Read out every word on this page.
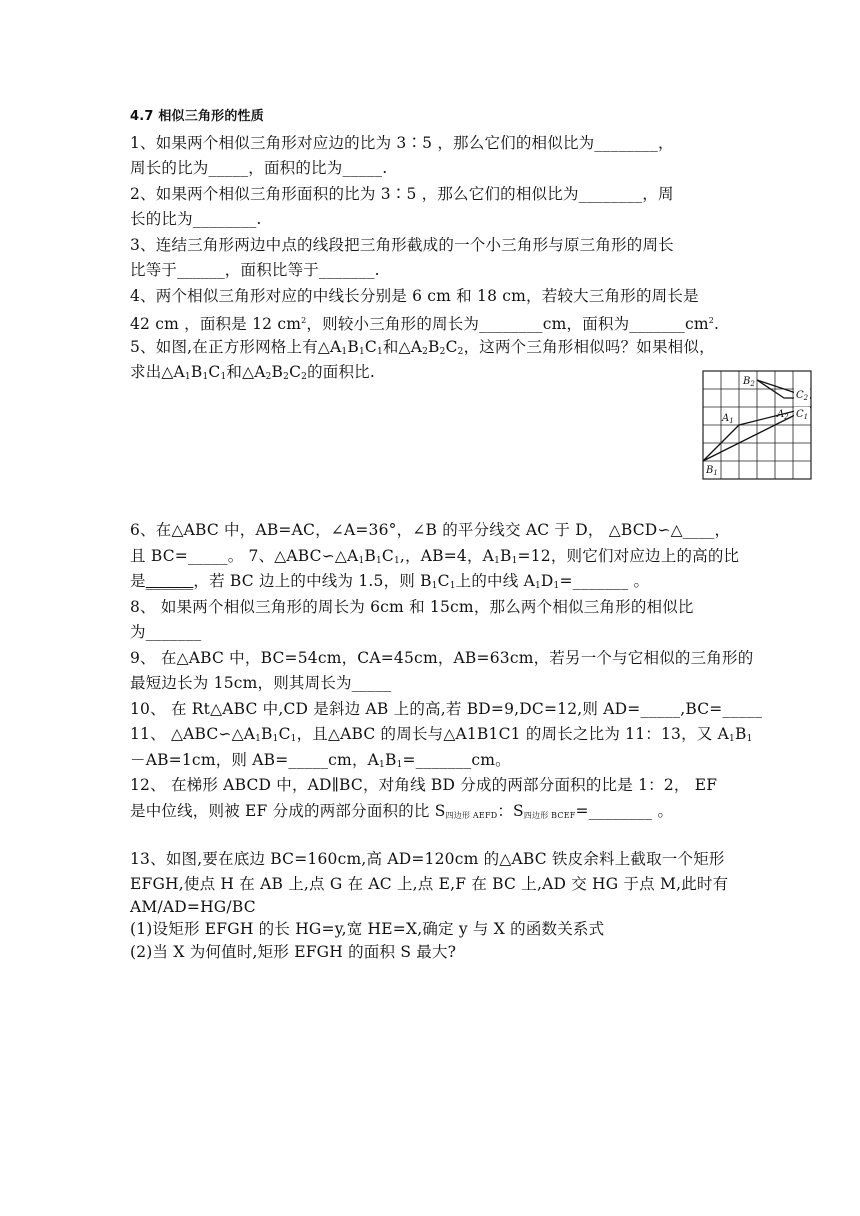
4.7 相似三角形的性质
1、如果两个相似三角形对应边的比为 3∶5 ，那么它们的相似比为________，
周长的比为_____，面积的比为_____.
2、如果两个相似三角形面积的比为 3∶5 ，那么它们的相似比为________，周
长的比为________.
3、连结三角形两边中点的线段把三角形截成的一个小三角形与原三角形的周长
比等于______，面积比等于_______.
4、两个相似三角形对应的中线长分别是 6 cm 和 18 cm，若较大三角形的周长是
42 cm ，面积是 12 $cm^2$，则较小三角形的周长为________cm，面积为$\_\_\_\_\_\_\_cm^2$.
5、如图,在正方形网格上有$\triangle A_1B_1C_1$和$\triangle A_2B_2C_2$，这两个三角形相似吗？如果相似，
求出$\triangle A_1B_1C_1$和$\triangle A_2B_2C_2$的面积比.
$B_2$
$C_2$
$A_1$
$A_2$ $C_1$
$B_1$
6、在△ABC 中，AB=AC，∠A=36°，∠B 的平分线交 AC 于 D， △BCD∽△____，
且 BC=_____。 7、$\triangle ABC∽\triangle A_1B_1C_1$,，AB=4，$A_1B_1=12$，则它们对应边上的高的比
是______，若 BC 边上的中线为 1.5，则 $B_1C_1$上的中线 $A_1D_1=\_\_\_\_\_\_\_$ 。
8、 如果两个相似三角形的周长为 6cm 和 15cm，那么两个相似三角形的相似比
为_______
9、 在△ABC 中，BC=54cm，CA=45cm，AB=63cm，若另一个与它相似的三角形的
最短边长为 15cm，则其周长为_____
10、 在 Rt△ABC 中,CD 是斜边 AB 上的高,若 BD=9,DC=12,则 AD=_____,BC=_____
11、 $\triangle ABC∽\triangle A_1B_1C_1$，且△ABC 的周长与△A1B1C1 的周长之比为 11：13，又 $A_1B_1$
－AB=1cm，则 AB=_____cm，$A_1B_1=\_\_\_\_\_\_\_cm$。
12、 在梯形 ABCD 中，AD∥BC，对角线 BD 分成的两部分面积的比是 1：2， EF
是中位线，则被 EF 分成的两部分面积的比 $S_{四边形 AEFD}$：$S_{四边形 BCEF}=\_\_\_\_\_\_\_\_$ 。
13、如图,要在底边 BC=160cm,高 AD=120cm 的△ABC 铁皮余料上截取一个矩形
EFGH,使点 H 在 AB 上,点 G 在 AC 上,点 E,F 在 BC 上,AD 交 HG 于点 M,此时有
AM/AD=HG/BC
(1)设矩形 EFGH 的长 HG=y,宽 HE=X,确定 y 与 X 的函数关系式
(2)当 X 为何值时,矩形 EFGH 的面积 S 最大?
